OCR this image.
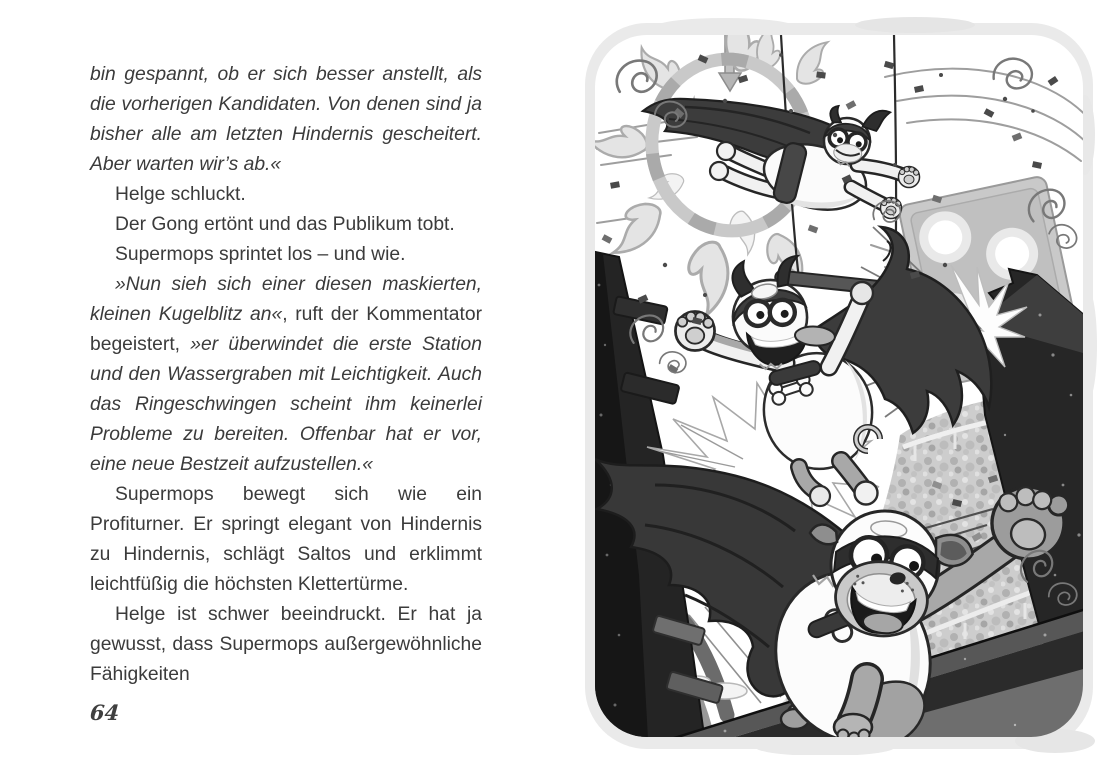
bin gespannt, ob er sich besser anstellt, als die vorherigen Kandidaten. Von denen sind ja bisher alle am letzten Hindernis gescheitert. Aber warten wir’s ab.«

Helge schluckt.

Der Gong ertönt und das Publikum tobt.

Supermops sprintet los – und wie.

»Nun sieh sich einer diesen maskierten, kleinen Kugelblitz an«, ruft der Kommentator begeistert, »er überwindet die erste Station und den Wassergraben mit Leichtigkeit. Auch das Ringeschwingen scheint ihm keinerlei Probleme zu bereiten. Offenbar hat er vor, eine neue Bestzeit aufzustellen.«

Supermops bewegt sich wie ein Profiturner. Er springt elegant von Hindernis zu Hindernis, schlägt Saltos und erklimmt leichtfüßig die höchsten Klettertürme.

Helge ist schwer beeindruckt. Er hat ja gewusst, dass Supermops außergewöhnliche Fähigkeiten

64
